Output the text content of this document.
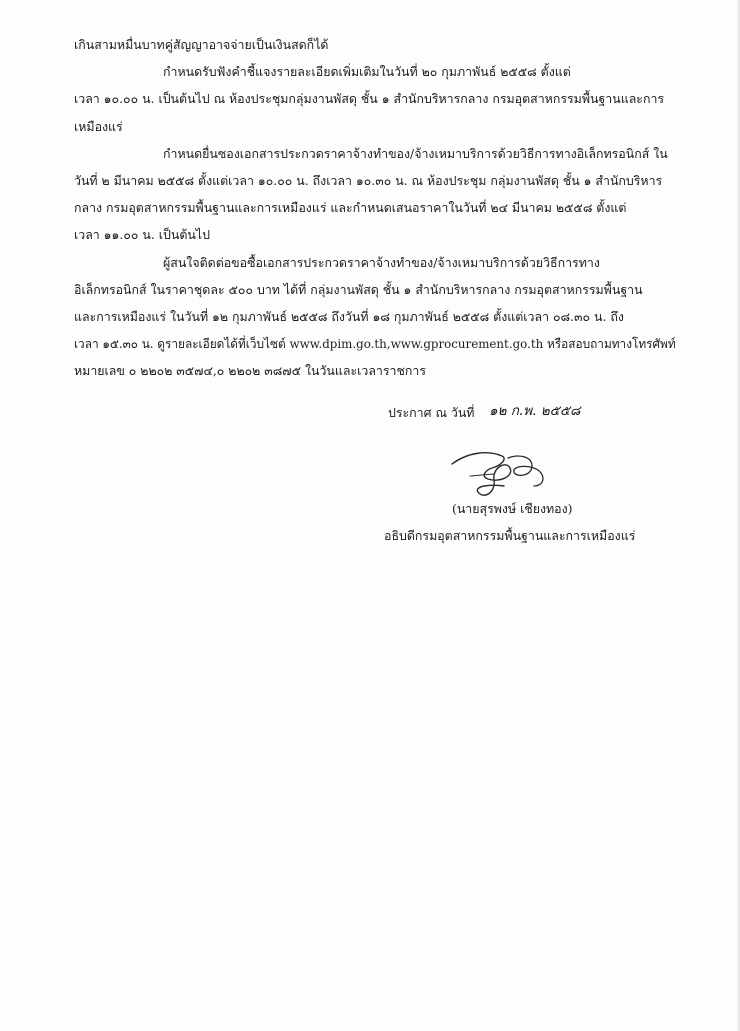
เกินสามหมื่นบาทคู่สัญญาอาจจ่ายเป็นเงินสดก็ได้
กำหนดรับฟังคำชี้แจงรายละเอียดเพิ่มเติมในวันที่ ๒๐ กุมภาพันธ์ ๒๕๕๘ ตั้งแต่
เวลา ๑๐.๐๐ น. เป็นต้นไป ณ ห้องประชุมกลุ่มงานพัสดุ ชั้น ๑ สำนักบริหารกลาง กรมอุตสาหกรรมพื้นฐานและการ
เหมืองแร่
กำหนดยื่นซองเอกสารประกวดราคาจ้างทำของ/จ้างเหมาบริการด้วยวิธีการทางอิเล็กทรอนิกส์ ใน
วันที่ ๒ มีนาคม ๒๕๕๘ ตั้งแต่เวลา ๑๐.๐๐ น. ถึงเวลา ๑๐.๓๐ น. ณ ห้องประชุม กลุ่มงานพัสดุ ชั้น ๑ สำนักบริหาร
กลาง กรมอุตสาหกรรมพื้นฐานและการเหมืองแร่ และกำหนดเสนอราคาในวันที่ ๒๔ มีนาคม ๒๕๕๘ ตั้งแต่
เวลา ๑๑.๐๐ น. เป็นต้นไป
ผู้สนใจติดต่อขอซื้อเอกสารประกวดราคาจ้างทำของ/จ้างเหมาบริการด้วยวิธีการทาง
อิเล็กทรอนิกส์ ในราคาชุดละ ๕๐๐ บาท ได้ที่ กลุ่มงานพัสดุ ชั้น ๑ สำนักบริหารกลาง กรมอุตสาหกรรมพื้นฐาน
และการเหมืองแร่ ในวันที่ ๑๒ กุมภาพันธ์ ๒๕๕๘ ถึงวันที่ ๑๘ กุมภาพันธ์ ๒๕๕๘ ตั้งแต่เวลา ๐๘.๓๐ น. ถึง
เวลา ๑๕.๓๐ น. ดูรายละเอียดได้ที่เว็บไซต์ www.dpim.go.th,www.gprocurement.go.th หรือสอบถามทางโทรศัพท์
หมายเลข ๐ ๒๒๐๒ ๓๕๗๔,๐ ๒๒๐๒ ๓๘๗๕ ในวันและเวลาราชการ
ประกาศ ณ วันที่ ๑๒ ก.พ. ๒๕๕๘
(นายสุรพงษ์ เชียงทอง)
อธิบดีกรมอุตสาหกรรมพื้นฐานและการเหมืองแร่
